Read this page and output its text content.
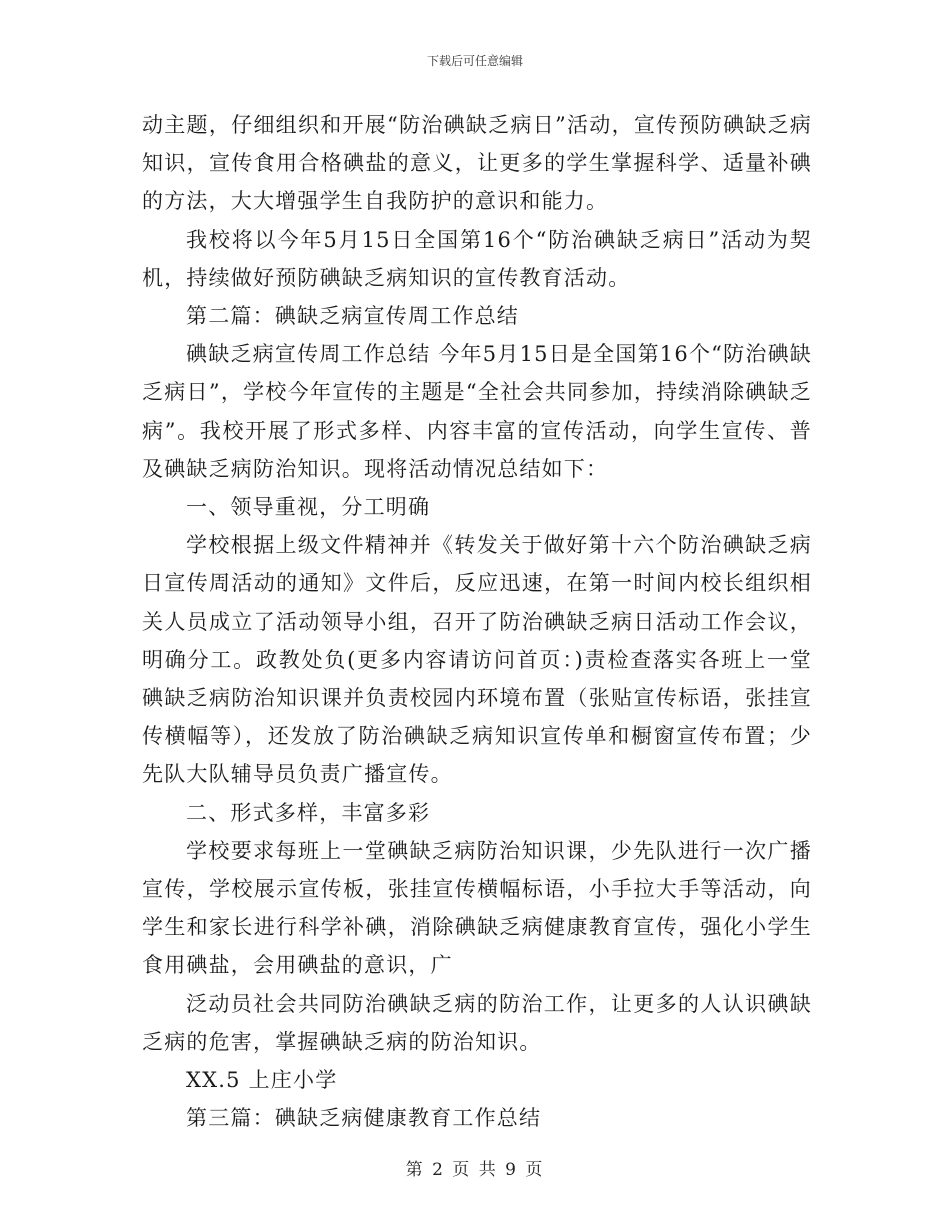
下载后可任意编辑

动主题，仔细组织和开展“防治碘缺乏病日”活动，宣传预防碘缺乏病知识，宣传食用合格碘盐的意义，让更多的学生掌握科学、适量补碘的方法，大大增强学生自我防护的意识和能力。

我校将以今年5月15日全国第16个“防治碘缺乏病日”活动为契机，持续做好预防碘缺乏病知识的宣传教育活动。

第二篇：碘缺乏病宣传周工作总结

碘缺乏病宣传周工作总结 今年5月15日是全国第16个“防治碘缺乏病日”，学校今年宣传的主题是“全社会共同参加，持续消除碘缺乏病”。我校开展了形式多样、内容丰富的宣传活动，向学生宣传、普及碘缺乏病防治知识。现将活动情况总结如下：

一、领导重视，分工明确

学校根据上级文件精神并《转发关于做好第十六个防治碘缺乏病日宣传周活动的通知》文件后，反应迅速，在第一时间内校长组织相关人员成立了活动领导小组，召开了防治碘缺乏病日活动工作会议，明确分工。政教处负(更多内容请访问首页：)责检查落实各班上一堂碘缺乏病防治知识课并负责校园内环境布置（张贴宣传标语，张挂宣传横幅等），还发放了防治碘缺乏病知识宣传单和橱窗宣传布置；少先队大队辅导员负责广播宣传。

二、形式多样，丰富多彩

学校要求每班上一堂碘缺乏病防治知识课，少先队进行一次广播宣传，学校展示宣传板，张挂宣传横幅标语，小手拉大手等活动，向学生和家长进行科学补碘，消除碘缺乏病健康教育宣传，强化小学生食用碘盐，会用碘盐的意识，广

泛动员社会共同防治碘缺乏病的防治工作，让更多的人认识碘缺乏病的危害，掌握碘缺乏病的防治知识。

XX.5 上庄小学

第三篇：碘缺乏病健康教育工作总结

第 2 页 共 9 页
